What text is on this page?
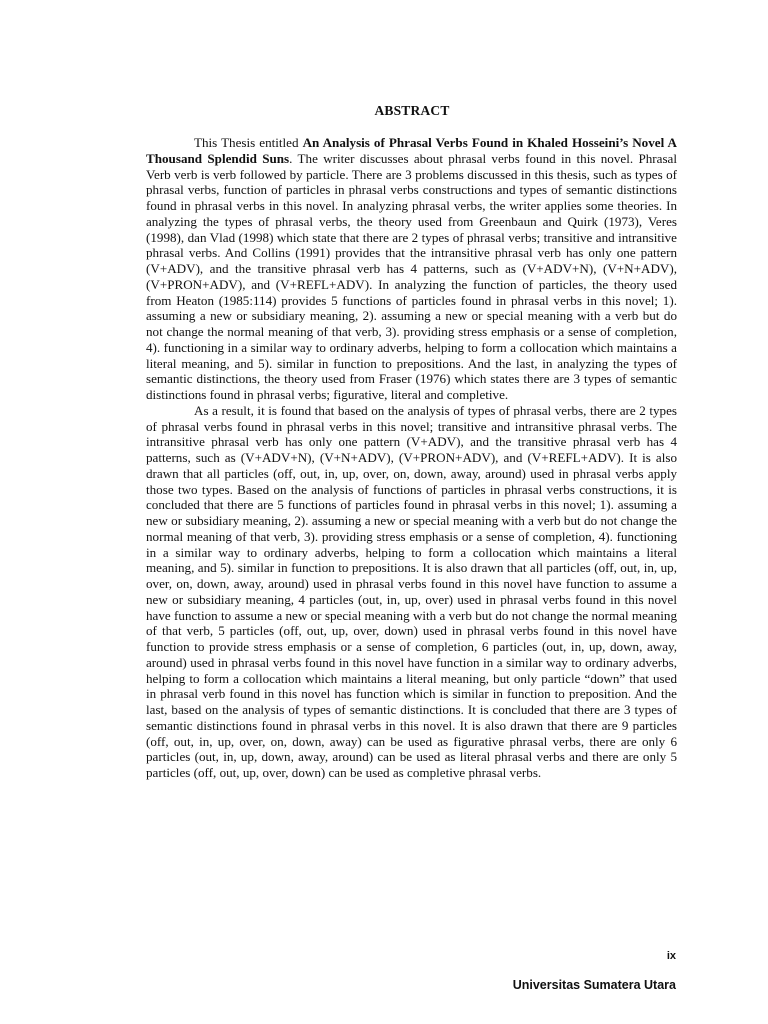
ABSTRACT

This Thesis entitled An Analysis of Phrasal Verbs Found in Khaled Hosseini’s Novel A Thousand Splendid Suns. The writer discusses about phrasal verbs found in this novel. Phrasal Verb verb is verb followed by particle. There are 3 problems discussed in this thesis, such as types of phrasal verbs, function of particles in phrasal verbs constructions and types of semantic distinctions found in phrasal verbs in this novel. In analyzing phrasal verbs, the writer applies some theories. In analyzing the types of phrasal verbs, the theory used from Greenbaun and Quirk (1973), Veres (1998), dan Vlad (1998) which state that there are 2 types of phrasal verbs; transitive and intransitive phrasal verbs. And Collins (1991) provides that the intransitive phrasal verb has only one pattern (V+ADV), and the transitive phrasal verb has 4 patterns, such as (V+ADV+N), (V+N+ADV), (V+PRON+ADV), and (V+REFL+ADV). In analyzing the function of particles, the theory used from Heaton (1985:114) provides 5 functions of particles found in phrasal verbs in this novel; 1). assuming a new or subsidiary meaning, 2). assuming a new or special meaning with a verb but do not change the normal meaning of that verb, 3). providing stress emphasis or a sense of completion, 4). functioning in a similar way to ordinary adverbs, helping to form a collocation which maintains a literal meaning, and 5). similar in function to prepositions. And the last, in analyzing the types of semantic distinctions, the theory used from Fraser (1976) which states there are 3 types of semantic distinctions found in phrasal verbs; figurative, literal and completive.

As a result, it is found that based on the analysis of types of phrasal verbs, there are 2 types of phrasal verbs found in phrasal verbs in this novel; transitive and intransitive phrasal verbs. The intransitive phrasal verb has only one pattern (V+ADV), and the transitive phrasal verb has 4 patterns, such as (V+ADV+N), (V+N+ADV), (V+PRON+ADV), and (V+REFL+ADV). It is also drawn that all particles (off, out, in, up, over, on, down, away, around) used in phrasal verbs apply those two types. Based on the analysis of functions of particles in phrasal verbs constructions, it is concluded that there are 5 functions of particles found in phrasal verbs in this novel; 1). assuming a new or subsidiary meaning, 2). assuming a new or special meaning with a verb but do not change the normal meaning of that verb, 3). providing stress emphasis or a sense of completion, 4). functioning in a similar way to ordinary adverbs, helping to form a collocation which maintains a literal meaning, and 5). similar in function to prepositions. It is also drawn that all particles (off, out, in, up, over, on, down, away, around) used in phrasal verbs found in this novel have function to assume a new or subsidiary meaning, 4 particles (out, in, up, over) used in phrasal verbs found in this novel have function to assume a new or special meaning with a verb but do not change the normal meaning of that verb, 5 particles (off, out, up, over, down) used in phrasal verbs found in this novel have function to provide stress emphasis or a sense of completion, 6 particles (out, in, up, down, away, around) used in phrasal verbs found in this novel have function in a similar way to ordinary adverbs, helping to form a collocation which maintains a literal meaning, but only particle “down” that used in phrasal verb found in this novel has function which is similar in function to preposition. And the last, based on the analysis of types of semantic distinctions. It is concluded that there are 3 types of semantic distinctions found in phrasal verbs in this novel. It is also drawn that there are 9 particles (off, out, in, up, over, on, down, away) can be used as figurative phrasal verbs, there are only 6 particles (out, in, up, down, away, around) can be used as literal phrasal verbs and there are only 5 particles (off, out, up, over, down) can be used as completive phrasal verbs.

ix
Universitas Sumatera Utara
